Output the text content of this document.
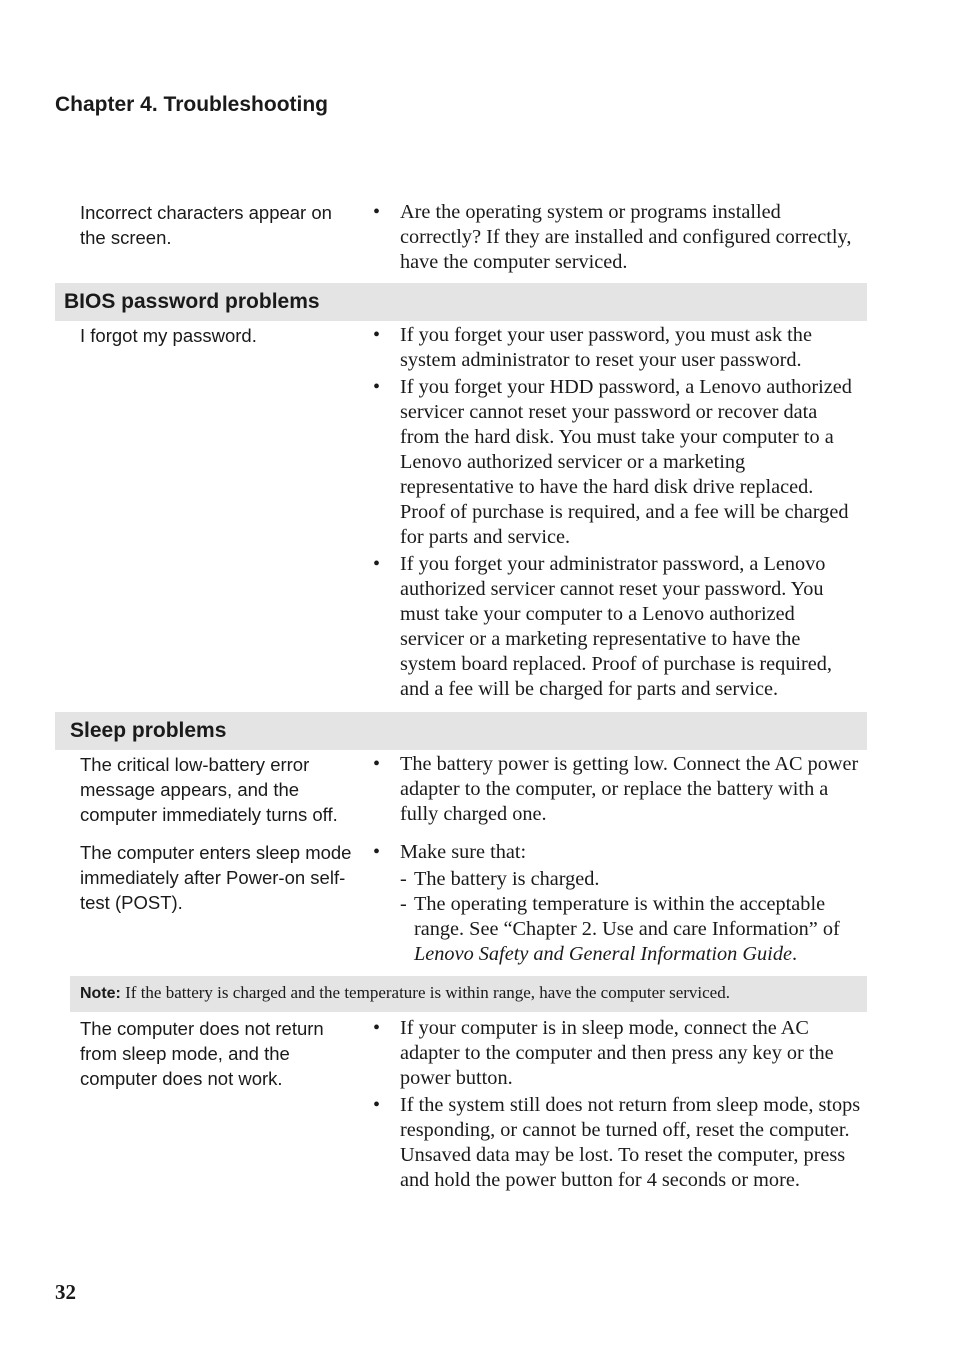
Chapter 4. Troubleshooting
Incorrect characters appear on the screen.
• Are the operating system or programs installed correctly? If they are installed and configured correctly, have the computer serviced.
BIOS password problems
I forgot my password.	• If you forget your user password, you must ask the system administrator to reset your user password.
• If you forget your HDD password, a Lenovo authorized servicer cannot reset your password or recover data from the hard disk. You must take your computer to a Lenovo authorized servicer or a marketing representative to have the hard disk drive replaced. Proof of purchase is required, and a fee will be charged for parts and service.
• If you forget your administrator password, a Lenovo authorized servicer cannot reset your password. You must take your computer to a Lenovo authorized servicer or a marketing representative to have the system board replaced. Proof of purchase is required, and a fee will be charged for parts and service.
Sleep problems
The critical low-battery error message appears, and the computer immediately turns off.
• The battery power is getting low. Connect the AC power adapter to the computer, or replace the battery with a fully charged one.
The computer enters sleep mode immediately after Power-on self-test (POST).
• Make sure that:
- The battery is charged.
- The operating temperature is within the acceptable range. See “Chapter 2. Use and care Information” of Lenovo Safety and General Information Guide.
Note: If the battery is charged and the temperature is within range, have the computer serviced.
The computer does not return from sleep mode, and the computer does not work.
• If your computer is in sleep mode, connect the AC adapter to the computer and then press any key or the power button.
• If the system still does not return from sleep mode, stops responding, or cannot be turned off, reset the computer. Unsaved data may be lost. To reset the computer, press and hold the power button for 4 seconds or more.
32
